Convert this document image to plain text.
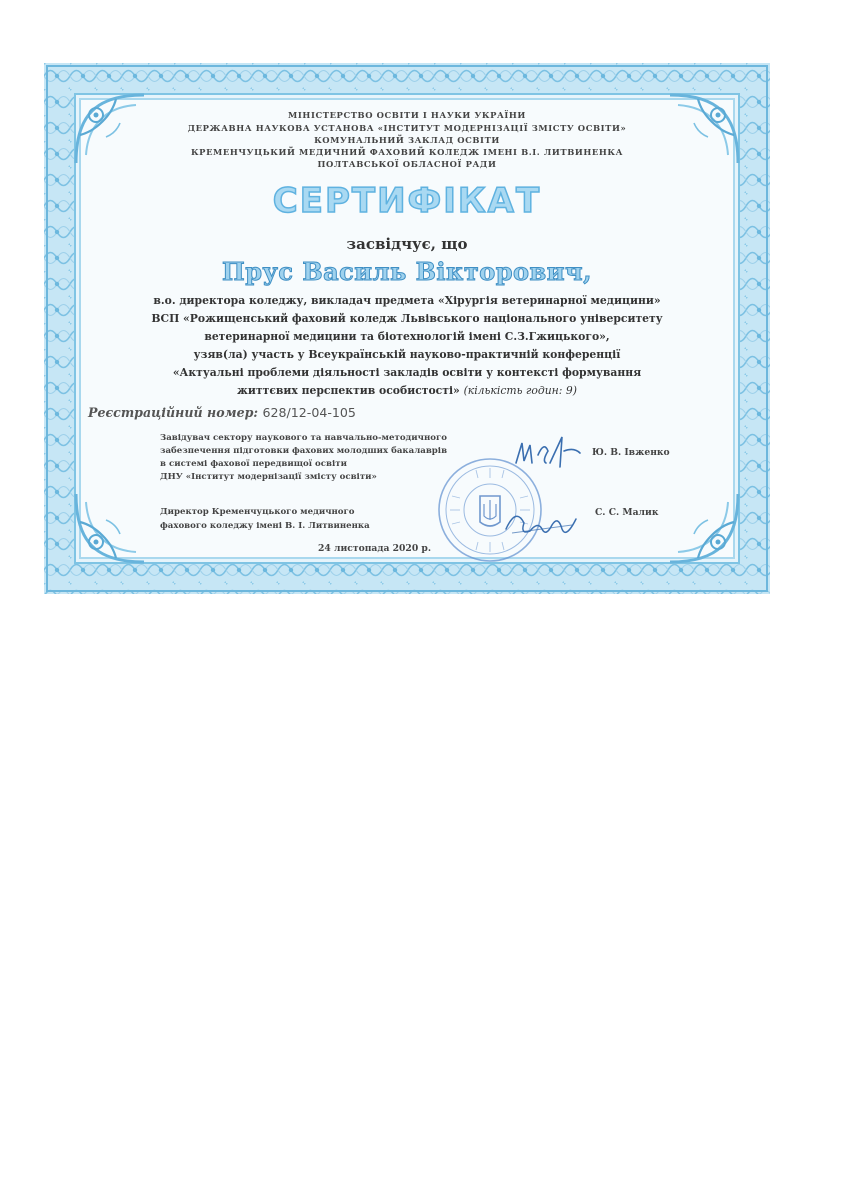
МІНІСТЕРСТВО ОСВІТИ І НАУКИ УКРАЇНИ
ДЕРЖАВНА НАУКОВА УСТАНОВА «ІНСТИТУТ МОДЕРНІЗАЦІЇ ЗМІСТУ ОСВІТИ»
КОМУНАЛЬНИЙ ЗАКЛАД ОСВІТИ
КРЕМЕНЧУЦЬКИЙ МЕДИЧНИЙ ФАХОВИЙ КОЛЕДЖ ІМЕНІ В.І. ЛИТВИНЕНКА
ПОЛТАВСЬКОЇ ОБЛАСНОЇ РАДИ
СЕРТИФІКАТ
засвідчує, що
Прус Василь Вікторович,
в.о. директора коледжу, викладач предмета «Хірургія ветеринарної медицини»
ВСП «Рожищенський фаховий коледж Львівського національного університету
ветеринарної медицини та біотехнологій імені С.З.Гжицького»,
узяв(ла) участь у Всеукраїнській науково-практичній конференції
«Актуальні проблеми діяльності закладів освіти у контексті формування
життєвих перспектив особистості» (кількість годин: 9)
Реєстраційний номер: 628/12-04-105
Завідувач сектору наукового та навчально-методичного
забезпечення підготовки фахових молодших бакалаврів
в системі фахової передвищої освіти
ДНУ «Інститут модернізації змісту освіти»
Ю. В. Івженко
Директор Кременчуцького медичного
фахового коледжу імені В. І. Литвиненка
С. С. Малик
24 листопада 2020 р.
